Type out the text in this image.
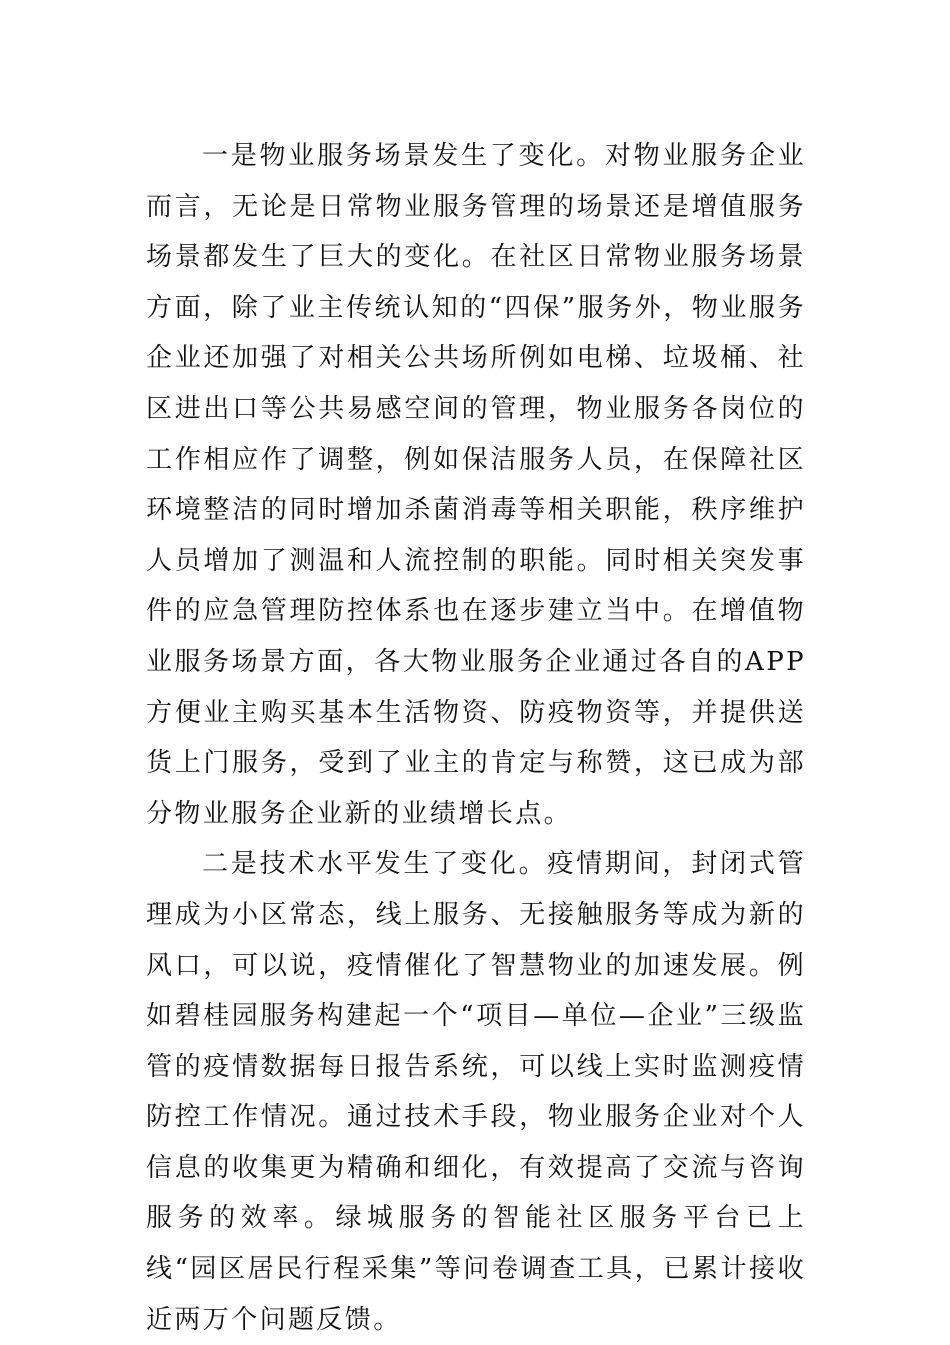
一是物业服务场景发生了变化。对物业服务企业而言，无论是日常物业服务管理的场景还是增值服务场景都发生了巨大的变化。在社区日常物业服务场景方面，除了业主传统认知的“四保”服务外，物业服务企业还加强了对相关公共场所例如电梯、垃圾桶、社区进出口等公共易感空间的管理，物业服务各岗位的工作相应作了调整，例如保洁服务人员，在保障社区环境整洁的同时增加杀菌消毒等相关职能，秩序维护人员增加了测温和人流控制的职能。同时相关突发事件的应急管理防控体系也在逐步建立当中。在增值物业服务场景方面，各大物业服务企业通过各自的APP方便业主购买基本生活物资、防疫物资等，并提供送货上门服务，受到了业主的肯定与称赞，这已成为部分物业服务企业新的业绩增长点。

二是技术水平发生了变化。疫情期间，封闭式管理成为小区常态，线上服务、无接触服务等成为新的风口，可以说，疫情催化了智慧物业的加速发展。例如碧桂园服务构建起一个“项目—单位—企业”三级监管的疫情数据每日报告系统，可以线上实时监测疫情防控工作情况。通过技术手段，物业服务企业对个人信息的收集更为精确和细化，有效提高了交流与咨询服务的效率。绿城服务的智能社区服务平台已上线“园区居民行程采集”等问卷调查工具，已累计接收近两万个问题反馈。
